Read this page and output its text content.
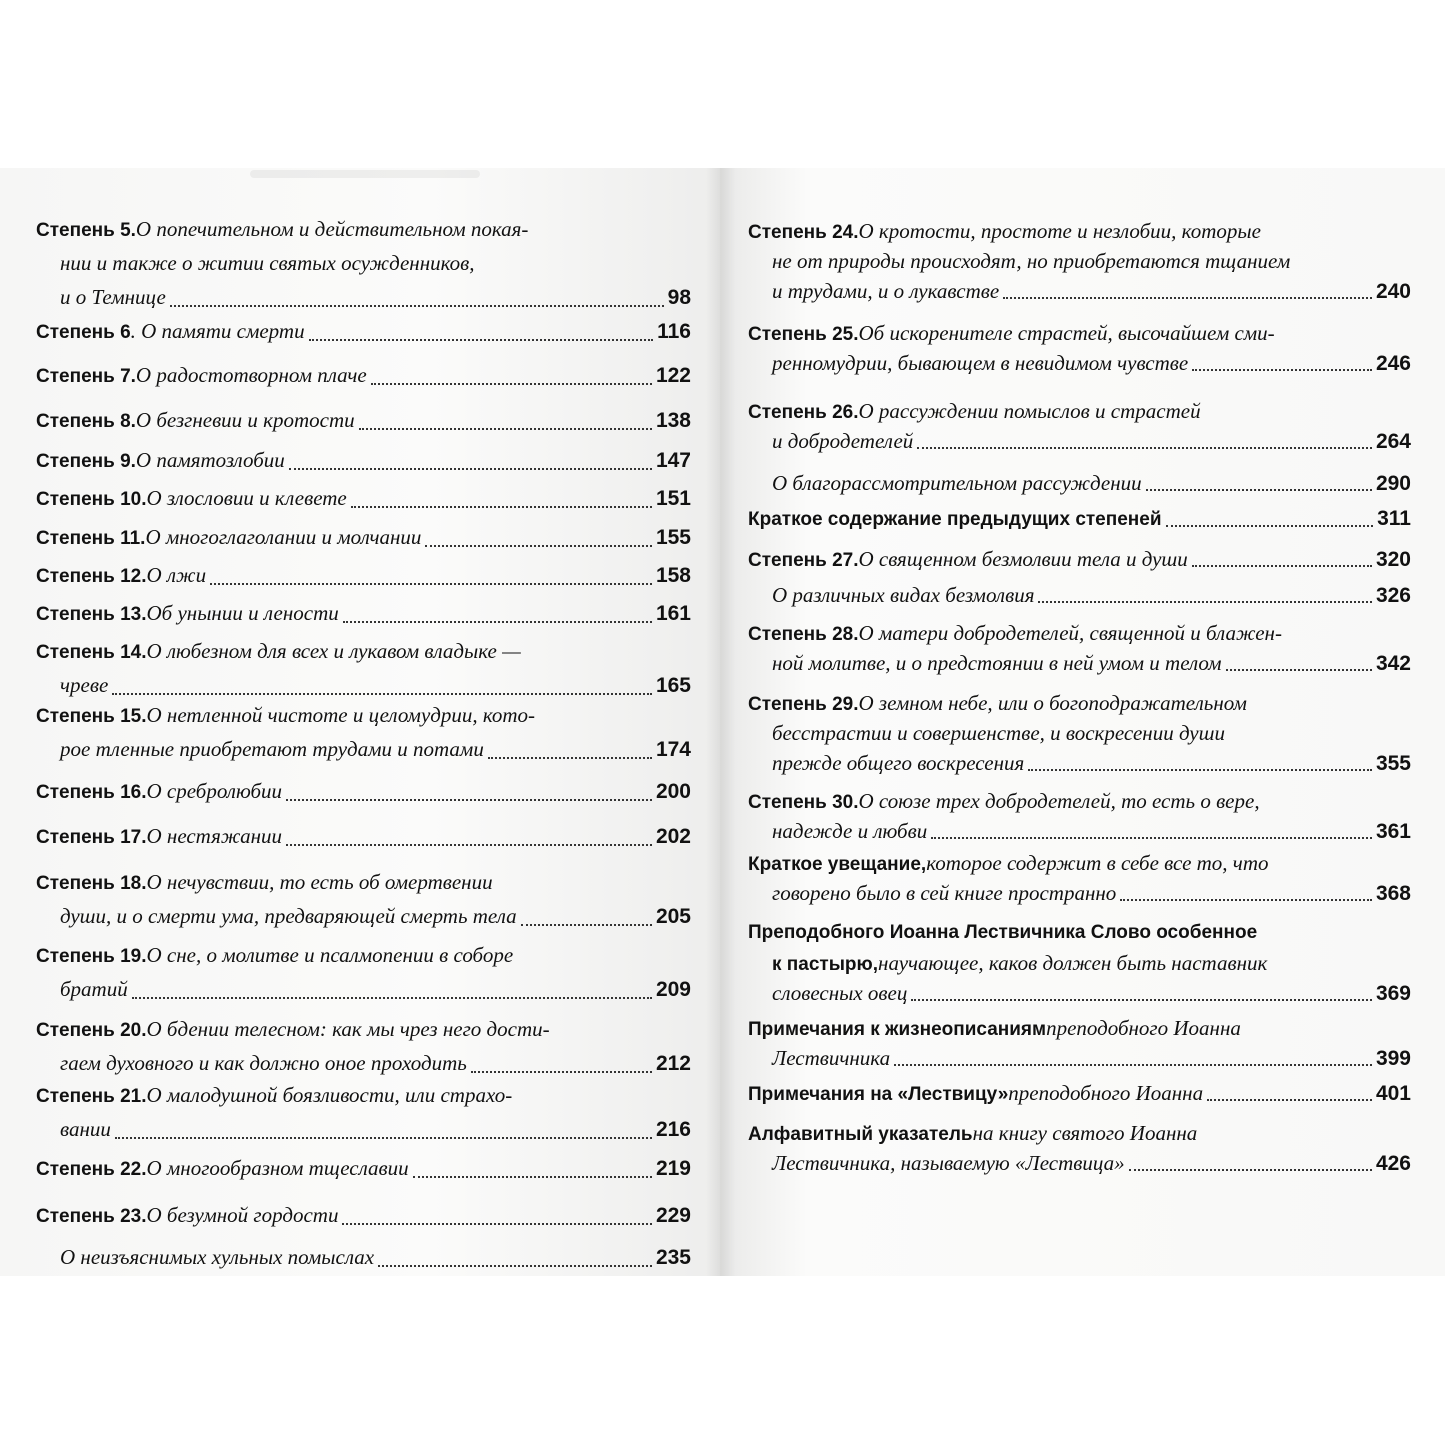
Степень 5. О попечительном и действительном покая-
нии и также о житии святых осужденников,
и о Темнице	98
Степень 6 . О памяти смерти	116
Степень 7. О радостотворном плаче	122
Степень 8. О безгневии и кротости	138
Степень 9. О памятозлобии	147
Степень 10. О злословии и клевете	151
Степень 11. О многоглаголании и молчании	155
Степень 12. О лжи	158
Степень 13. Об унынии и лености	161
Степень 14. О любезном для всех и лукавом владыке —
чреве	165
Степень 15. О нетленной чистоте и целомудрии, кото-
рое тленные приобретают трудами и потами	174
Степень 16. О сребролюбии	200
Степень 17. О нестяжании	202
Степень 18. О нечувствии, то есть об омертвении
души, и о смерти ума, предваряющей смерть тела	205
Степень 19. О сне, о молитве и псалмопении в соборе
братий	209
Степень 20. О бдении телесном: как мы чрез него дости-
гаем духовного и как должно оное проходить	212
Степень 21. О малодушной боязливости, или страхо-
вании	216
Степень 22. О многообразном тщеславии	219
Степень 23. О безумной гордости	229
О неизъяснимых хульных помыслах	235
Степень 24. О кротости, простоте и незлобии, которые
не от природы происходят, но приобретаются тщанием
и трудами, и о лукавстве	240
Степень 25. Об искоренителе страстей, высочайшем сми-
ренномудрии, бывающем в невидимом чувстве	246
Степень 26. О рассуждении помыслов и страстей
и добродетелей	264
О благорассмотрительном рассуждении	290
Краткое содержание предыдущих степеней	311
Степень 27. О священном безмолвии тела и души	320
О различных видах безмолвия	326
Степень 28. О матери добродетелей, священной и блажен-
ной молитве, и о предстоянии в ней умом и телом	342
Степень 29. О земном небе, или о богоподражательном
бесстрастии и совершенстве, и воскресении души
прежде общего воскресения	355
Степень 30. О союзе трех добродетелей, то есть о вере,
надежде и любви	361
Краткое увещание, которое содержит в себе все то, что
говорено было в сей книге пространно	368
Преподобного Иоанна Лествичника Слово особенное
к пастырю, научающее, каков должен быть наставник
словесных овец	369
Примечания к жизнеописаниям преподобного Иоанна
Лествичника	399
Примечания на «Лествицу» преподобного Иоанна	401
Алфавитный указатель на книгу святого Иоанна
Лествичника, называемую «Лествица»	426
